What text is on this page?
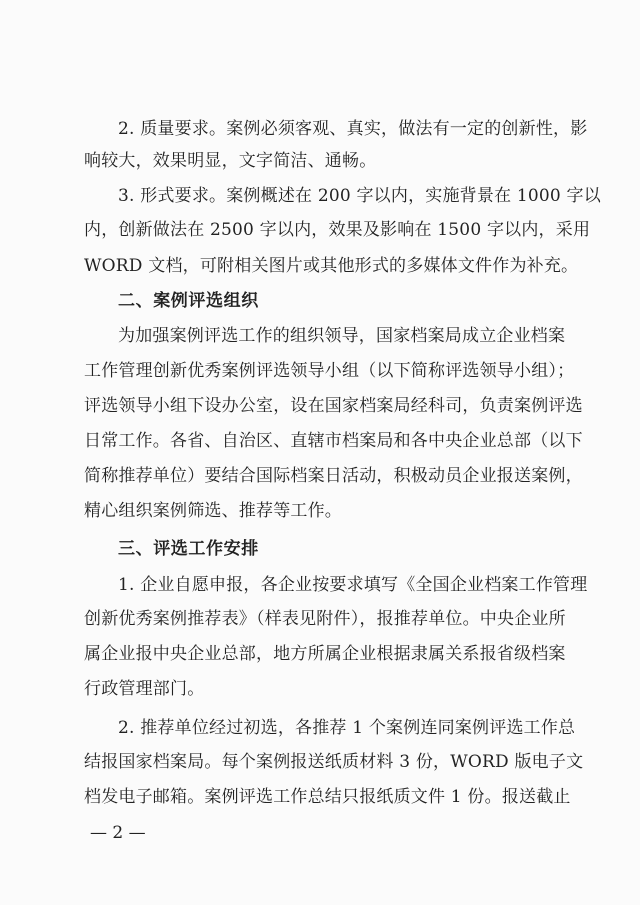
2. 质量要求。案例必须客观、真实，做法有一定的创新性，影
响较大，效果明显，文字简洁、通畅。
3. 形式要求。案例概述在 200 字以内，实施背景在 1000 字以
内，创新做法在 2500 字以内，效果及影响在 1500 字以内，采用
WORD 文档，可附相关图片或其他形式的多媒体文件作为补充。
二、案例评选组织
为加强案例评选工作的组织领导，国家档案局成立企业档案
工作管理创新优秀案例评选领导小组（以下简称评选领导小组）；
评选领导小组下设办公室，设在国家档案局经科司，负责案例评选
日常工作。各省、自治区、直辖市档案局和各中央企业总部（以下
简称推荐单位）要结合国际档案日活动，积极动员企业报送案例，
精心组织案例筛选、推荐等工作。
三、评选工作安排
1. 企业自愿申报，各企业按要求填写《全国企业档案工作管理
创新优秀案例推荐表》（样表见附件），报推荐单位。中央企业所
属企业报中央企业总部，地方所属企业根据隶属关系报省级档案
行政管理部门。
2. 推荐单位经过初选，各推荐 1 个案例连同案例评选工作总
结报国家档案局。每个案例报送纸质材料 3 份，WORD 版电子文
档发电子邮箱。案例评选工作总结只报纸质文件 1 份。报送截止
— 2 —
